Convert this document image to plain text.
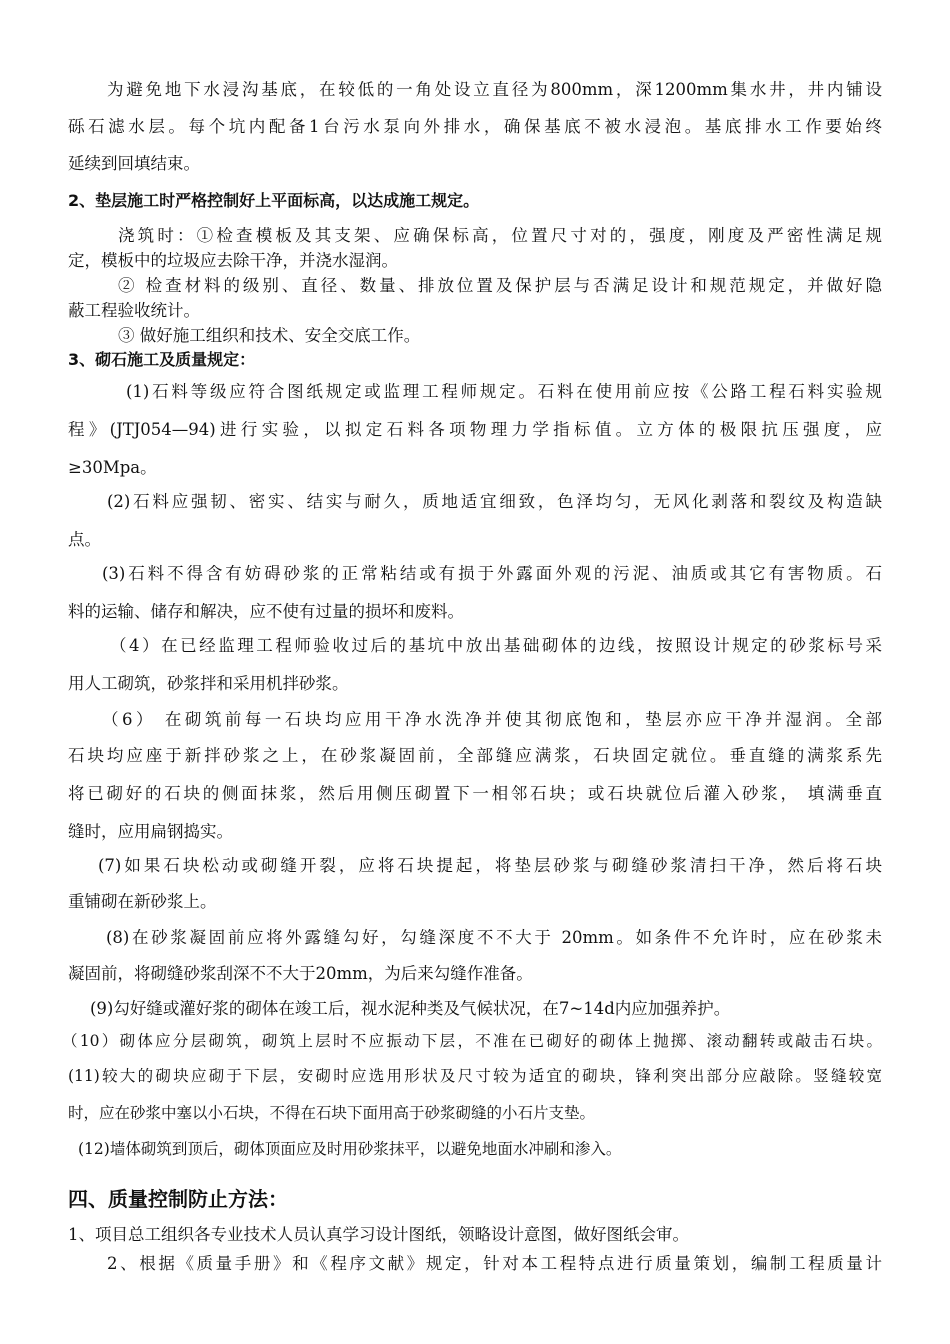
为避免地下水浸沟基底，在较低的一角处设立直径为800mm，深1200mm集水井，井内铺设
砾石滤水层。每个坑内配备1台污水泵向外排水，确保基底不被水浸泡。基底排水工作要始终
延续到回填结束。
2、垫层施工时严格控制好上平面标高，以达成施工规定。
浇筑时：①检查模板及其支架、应确保标高，位置尺寸对的，强度，刚度及严密性满足规
定，模板中的垃圾应去除干净，并浇水湿润。
② 检查材料的级别、直径、数量、排放位置及保护层与否满足设计和规范规定，并做好隐
蔽工程验收统计。
③ 做好施工组织和技术、安全交底工作。
3、砌石施工及质量规定：
(1)石料等级应符合图纸规定或监理工程师规定。石料在使用前应按《公路工程石料实验规
程》(JTJ054—94)进行实验，以拟定石料各项物理力学指标值。立方体的极限抗压强度，应
≥30Mpa。
(2)石料应强韧、密实、结实与耐久，质地适宜细致，色泽均匀，无风化剥落和裂纹及构造缺
点。
(3)石料不得含有妨碍砂浆的正常粘结或有损于外露面外观的污泥、油质或其它有害物质。石
料的运输、储存和解决，应不使有过量的损坏和废料。
（4）在已经监理工程师验收过后的基坑中放出基础砌体的边线，按照设计规定的砂浆标号采
用人工砌筑，砂浆拌和采用机拌砂浆。
（6） 在砌筑前每一石块均应用干净水洗净并使其彻底饱和，垫层亦应干净并湿润。全部
石块均应座于新拌砂浆之上，在砂浆凝固前，全部缝应满浆，石块固定就位。垂直缝的满浆系先
将已砌好的石块的侧面抹浆，然后用侧压砌置下一相邻石块；或石块就位后灌入砂浆， 填满垂直
缝时，应用扁钢捣实。
(7)如果石块松动或砌缝开裂，应将石块提起，将垫层砂浆与砌缝砂浆清扫干净，然后将石块
重铺砌在新砂浆上。
(8)在砂浆凝固前应将外露缝勾好，勾缝深度不不大于 20mm。如条件不允许时，应在砂浆未
凝固前，将砌缝砂浆刮深不不大于20mm，为后来勾缝作准备。
(9)勾好缝或灌好浆的砌体在竣工后，视水泥种类及气候状况，在7~14d内应加强养护。
（10）砌体应分层砌筑，砌筑上层时不应振动下层，不准在已砌好的砌体上抛掷、滚动翻转或敲击石块。
(11)较大的砌块应砌于下层，安砌时应选用形状及尺寸较为适宜的砌块，锋利突出部分应敲除。竖缝较宽
时，应在砂浆中塞以小石块，不得在石块下面用高于砂浆砌缝的小石片支垫。
(12)墙体砌筑到顶后，砌体顶面应及时用砂浆抹平，以避免地面水冲刷和渗入。
四、质量控制防止方法：
1、项目总工组织各专业技术人员认真学习设计图纸，领略设计意图，做好图纸会审。
2、根据《质量手册》和《程序文献》规定，针对本工程特点进行质量策划，编制工程质量计
